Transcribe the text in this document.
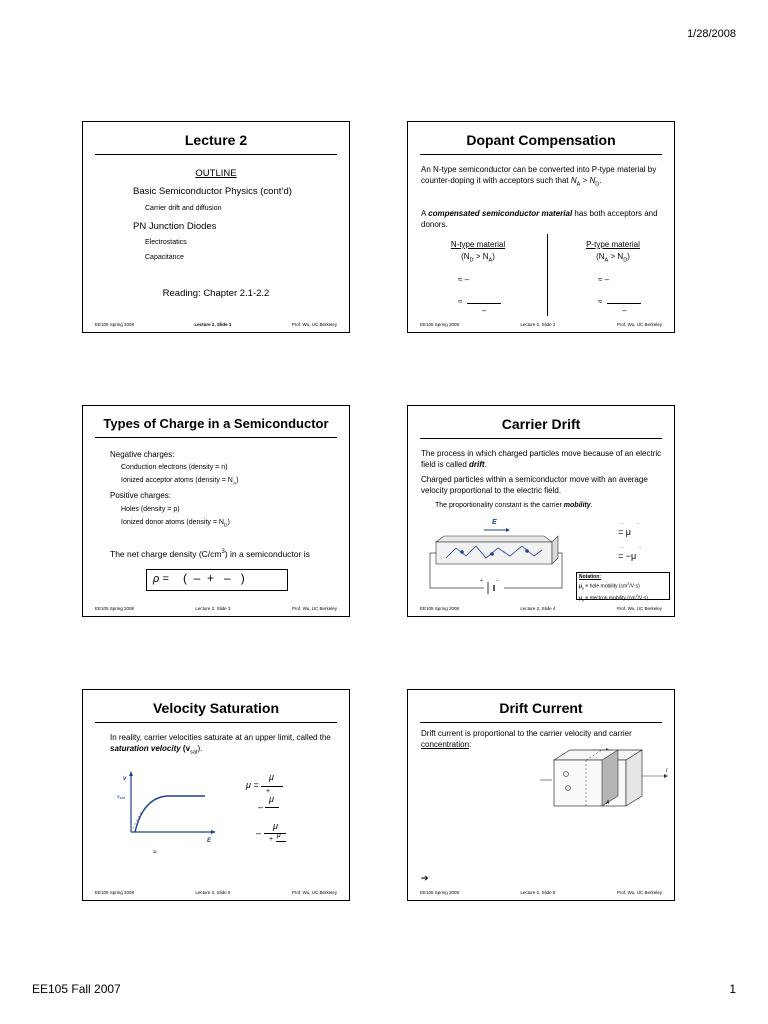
1/28/2008
Lecture 2
OUTLINE
Basic Semiconductor Physics (cont’d)
Carrier drift and diffusion
PN Junction Diodes
Electrostatics
Capacitance
Reading: Chapter 2.1-2.2
EE105 Spring 2008	Lecture 2, Slide 1	Prof. Wu, UC Berkeley
Dopant Compensation
An N-type semiconductor can be converted into P-type material by counter-doping it with acceptors such that $N_A > N_D$.
A compensated semiconductor material has both acceptors and donors.
N-type material
$(N_D > N_A)$
P-type material
$(N_A > N_D)$
≈ –
≈
–
≈ –
≈
–
EE105 Spring 2008	Lecture 2, Slide 2	Prof. Wu, UC Berkeley
Types of Charge in a Semiconductor
Negative charges:
Conduction electrons (density = n)
Ionized acceptor atoms (density = $N_A$)
Positive charges:
Holes (density = p)
Ionized donor atoms (density = $N_D$)
The net charge density $(C/cm^3)$ in a semiconductor is
ρ = (  –  +   –   )
EE105 Spring 2008	Lecture 2, Slide 3	Prof. Wu, UC Berkeley
Carrier Drift
The process in which charged particles move because of an electric field is called drift.
Charged particles within a semiconductor move with an average velocity proportional to the electric field.
The proportionality constant is the carrier mobility.
E
+	−
→          →
= μ
→            →
= −μ
Notation:
$\mu_p$ ≡ hole mobility $(cm^2/V\cdot s)$
$\mu_n$ ≡ electron mobility $(cm^2/V\cdot s)$
EE105 Spring 2008	Lecture 2, Slide 4	Prof. Wu, UC Berkeley
Velocity Saturation
In reality, carrier velocities saturate at an upper limit, called the saturation velocity $(v_{sat})$.
v
$v_{sat}$
E
≈
μ =
μ
+
–
μ
–
μ
+
μ
EE105 Spring 2008	Lecture 2, Slide 5	Prof. Wu, UC Berkeley
Drift Current
Drift current is proportional to the carrier velocity and carrier concentration:
I
A
➔
EE105 Spring 2008	Lecture 2, Slide 6	Prof. Wu, UC Berkeley
EE105 Fall 2007	1
